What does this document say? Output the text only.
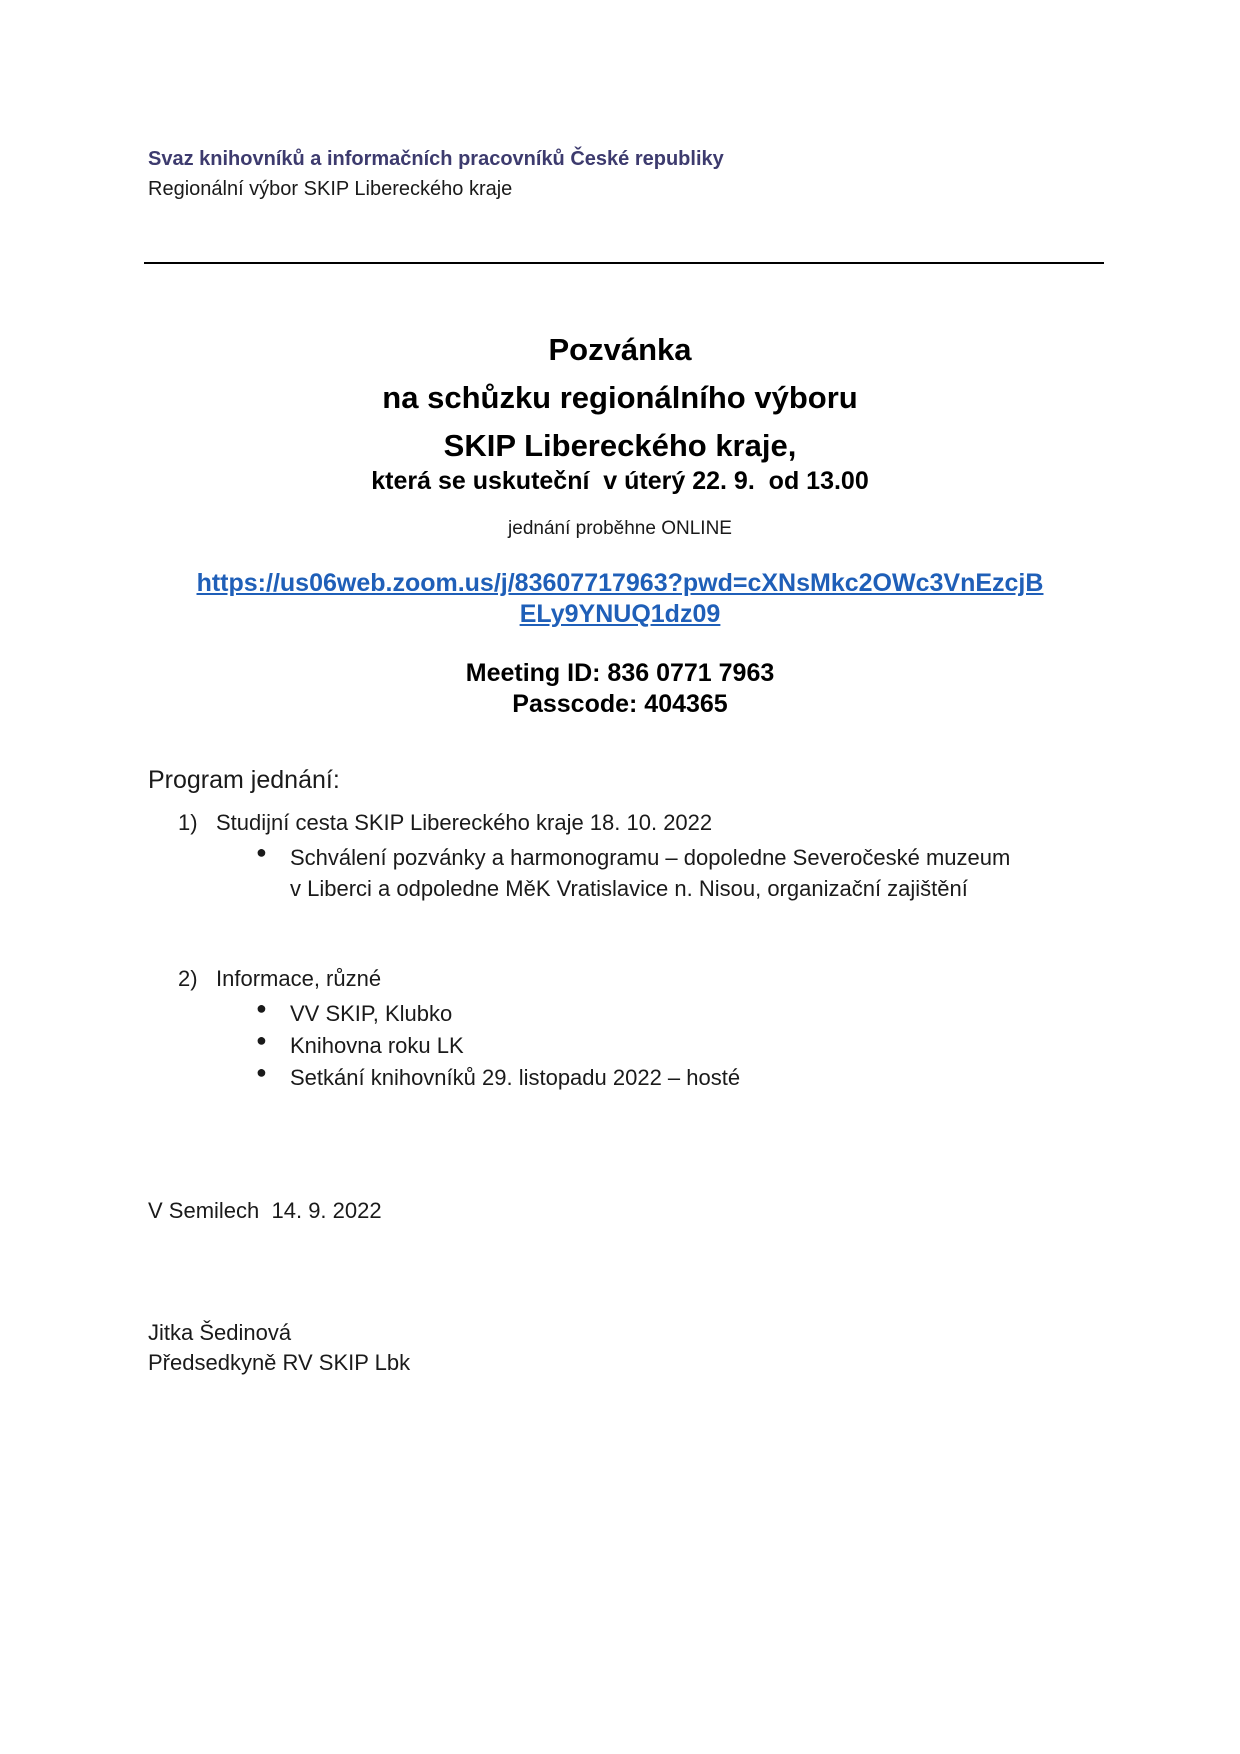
Svaz knihovníků a informačních pracovníků České republiky
Regionální výbor SKIP Libereckého kraje
Pozvánka
na schůzku regionálního výboru
SKIP Libereckého kraje,
která se uskuteční  v úterý 22. 9.  od 13.00
jednání proběhne ONLINE
https://us06web.zoom.us/j/83607717963?pwd=cXNsMkc2OWc3VnEzcjB
ELy9YNUQ1dz09
Meeting ID: 836 0771 7963
Passcode: 404365
Program jednání:
1) Studijní cesta SKIP Libereckého kraje 18. 10. 2022
● Schválení pozvánky a harmonogramu – dopoledne Severočeské muzeum
v Liberci a odpoledne MěK Vratislavice n. Nisou, organizační zajištění
2) Informace, různé
● VV SKIP, Klubko
● Knihovna roku LK
● Setkání knihovníků 29. listopadu 2022 – hosté
V Semilech  14. 9. 2022
Jitka Šedinová
Předsedkyně RV SKIP Lbk
